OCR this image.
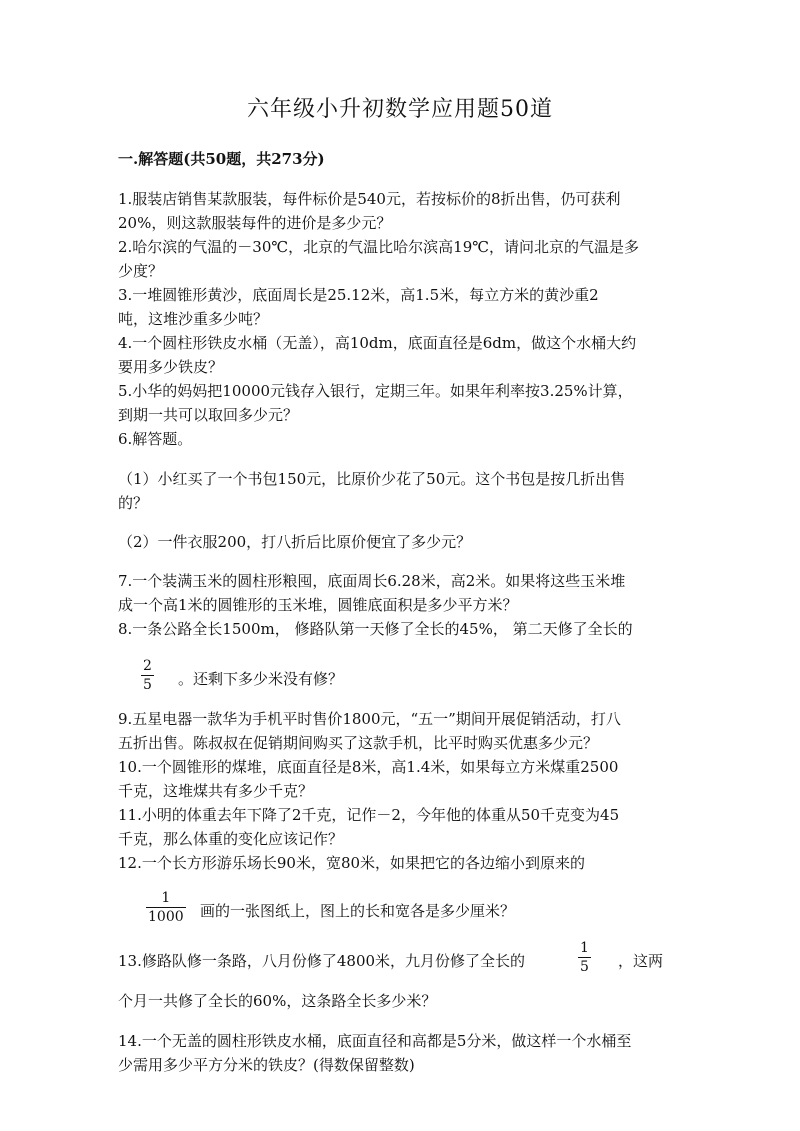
六年级小升初数学应用题50道
一.解答题(共50题，共273分)
1.服装店销售某款服装，每件标价是540元，若按标价的8折出售，仍可获利
20%，则这款服装每件的进价是多少元？
2.哈尔滨的气温的－30℃，北京的气温比哈尔滨高19℃，请问北京的气温是多
少度？
3.一堆圆锥形黄沙，底面周长是25.12米，高1.5米，每立方米的黄沙重2
吨，这堆沙重多少吨？
4.一个圆柱形铁皮水桶（无盖），高10dm，底面直径是6dm，做这个水桶大约
要用多少铁皮？
5.小华的妈妈把10000元钱存入银行，定期三年。如果年利率按3.25%计算，
到期一共可以取回多少元？
6.解答题。
（1）小红买了一个书包150元，比原价少花了50元。这个书包是按几折出售
的？
（2）一件衣服200，打八折后比原价便宜了多少元？
7.一个装满玉米的圆柱形粮囤，底面周长6.28米，高2米。如果将这些玉米堆
成一个高1米的圆锥形的玉米堆，圆锥底面积是多少平方米？
8.一条公路全长1500m， 修路队第一天修了全长的45%， 第二天修了全长的
2
5 。还剩下多少米没有修？
9.五星电器一款华为手机平时售价1800元，“五一”期间开展促销活动，打八
五折出售。陈叔叔在促销期间购买了这款手机，比平时购买优惠多少元？
10.一个圆锥形的煤堆，底面直径是8米，高1.4米，如果每立方米煤重2500
千克，这堆煤共有多少千克？
11.小明的体重去年下降了2千克，记作－2，今年他的体重从50千克变为45
千克，那么体重的变化应该记作？
12.一个长方形游乐场长90米，宽80米，如果把它的各边缩小到原来的
1
1000 画的一张图纸上，图上的长和宽各是多少厘米？
13.修路队修一条路，八月份修了4800米，九月份修了全长的
1
5 ，这两
个月一共修了全长的60%，这条路全长多少米？
14.一个无盖的圆柱形铁皮水桶，底面直径和高都是5分米，做这样一个水桶至
少需用多少平方分米的铁皮？(得数保留整数)
